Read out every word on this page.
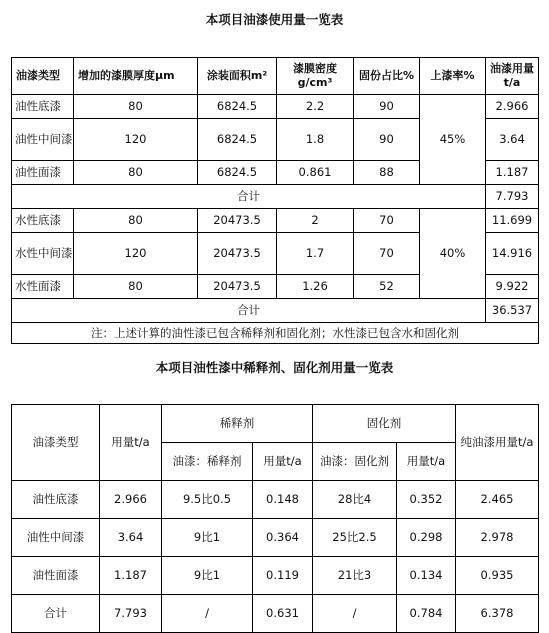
本项目油漆使用量一览表
油漆类型	增加的漆膜厚度μm	涂装面积m²	漆膜密度g/cm³	固份占比%	上漆率%	油漆用量t/a
油性底漆	80	6824.5	2.2	90	45%	2.966
油性中间漆	120	6824.5	1.8	90		3.64
油性面漆	80	6824.5	0.861	88		1.187
合计						7.793
水性底漆	80	20473.5	2	70	40%	11.699
水性中间漆	120	20473.5	1.7	70		14.916
水性面漆	80	20473.5	1.26	52		9.922
合计						36.537
注：上述计算的油性漆已包含稀释剂和固化剂；水性漆已包含水和固化剂						
本项目油性漆中稀释剂、固化剂用量一览表
油漆类型	用量t/a	稀释剂		固化剂		纯油漆用量t/a
		油漆：稀释剂	用量t/a	油漆：固化剂	用量t/a	
油性底漆	2.966	9.5比0.5	0.148	28比4	0.352	2.465
油性中间漆	3.64	9比1	0.364	25比2.5	0.298	2.978
油性面漆	1.187	9比1	0.119	21比3	0.134	0.935
合计	7.793	/	0.631	/	0.784	6.378
